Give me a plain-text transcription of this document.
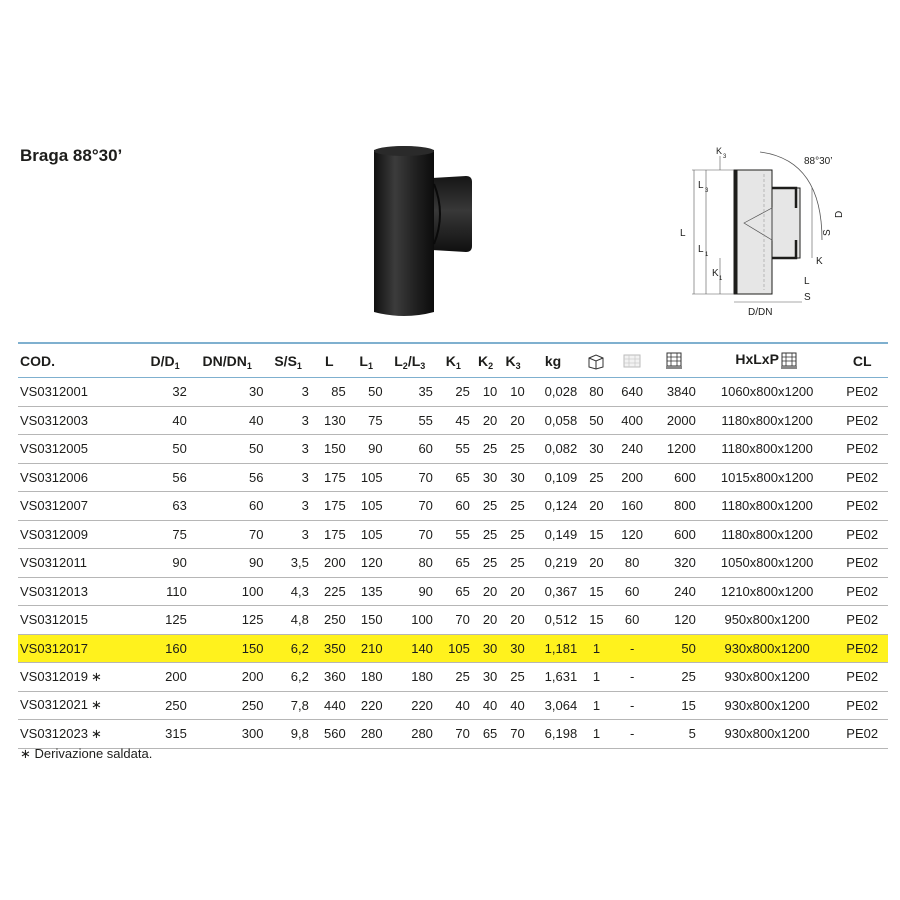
Braga 88°30’	K
3
L 3
L
L 1
K 1
88°30’
D
S
K
L
S
D/DN
COD.	$D/D_1$	$DN/DN_1$	$S/S_1$	L	$L_1$	$L_2/L_3$	$K_1$	$K_2$	$K_3$	kg				HxLxP	CL
VS0312001	32	30	3	85	50	35	25	10	10	0,028	80	640	3840	1060x800x1200	PE02
VS0312003	40	40	3	130	75	55	45	20	20	0,058	50	400	2000	1180x800x1200	PE02
VS0312005	50	50	3	150	90	60	55	25	25	0,082	30	240	1200	1180x800x1200	PE02
VS0312006	56	56	3	175	105	70	65	30	30	0,109	25	200	600	1015x800x1200	PE02
VS0312007	63	60	3	175	105	70	60	25	25	0,124	20	160	800	1180x800x1200	PE02
VS0312009	75	70	3	175	105	70	55	25	25	0,149	15	120	600	1180x800x1200	PE02
VS0312011	90	90	3,5	200	120	80	65	25	25	0,219	20	80	320	1050x800x1200	PE02
VS0312013	110	100	4,3	225	135	90	65	20	20	0,367	15	60	240	1210x800x1200	PE02
VS0312015	125	125	4,8	250	150	100	70	20	20	0,512	15	60	120	950x800x1200	PE02
VS0312017	160	150	6,2	350	210	140	105	30	30	1,181	1	-	50	930x800x1200	PE02
VS0312019 ∗	200	200	6,2	360	180	180	25	30	25	1,631	1	-	25	930x800x1200	PE02
VS0312021 ∗	250	250	7,8	440	220	220	40	40	40	3,064	1	-	15	930x800x1200	PE02
VS0312023 ∗	315	300	9,8	560	280	280	70	65	70	6,198	1	-	5	930x800x1200	PE02
∗ Derivazione saldata.
